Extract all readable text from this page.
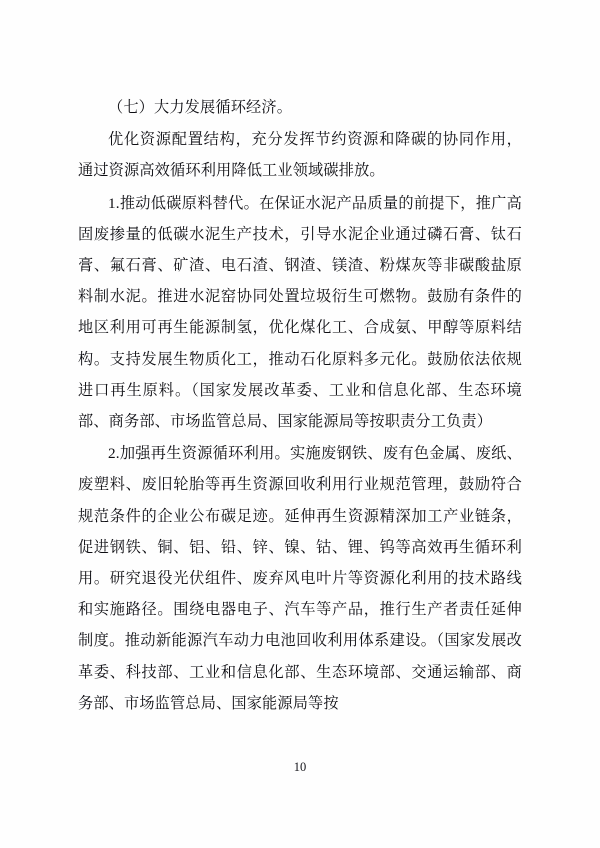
（七）大力发展循环经济。

优化资源配置结构，充分发挥节约资源和降碳的协同作用，通过资源高效循环利用降低工业领域碳排放。

1.推动低碳原料替代。在保证水泥产品质量的前提下，推广高固废掺量的低碳水泥生产技术，引导水泥企业通过磷石膏、钛石膏、氟石膏、矿渣、电石渣、钢渣、镁渣、粉煤灰等非碳酸盐原料制水泥。推进水泥窑协同处置垃圾衍生可燃物。鼓励有条件的地区利用可再生能源制氢，优化煤化工、合成氨、甲醇等原料结构。支持发展生物质化工，推动石化原料多元化。鼓励依法依规进口再生原料。（国家发展改革委、工业和信息化部、生态环境部、商务部、市场监管总局、国家能源局等按职责分工负责）

2.加强再生资源循环利用。实施废钢铁、废有色金属、废纸、废塑料、废旧轮胎等再生资源回收利用行业规范管理，鼓励符合规范条件的企业公布碳足迹。延伸再生资源精深加工产业链条，促进钢铁、铜、铝、铅、锌、镍、钴、锂、钨等高效再生循环利用。研究退役光伏组件、废弃风电叶片等资源化利用的技术路线和实施路径。围绕电器电子、汽车等产品，推行生产者责任延伸制度。推动新能源汽车动力电池回收利用体系建设。（国家发展改革委、科技部、工业和信息化部、生态环境部、交通运输部、商务部、市场监管总局、国家能源局等按

10
